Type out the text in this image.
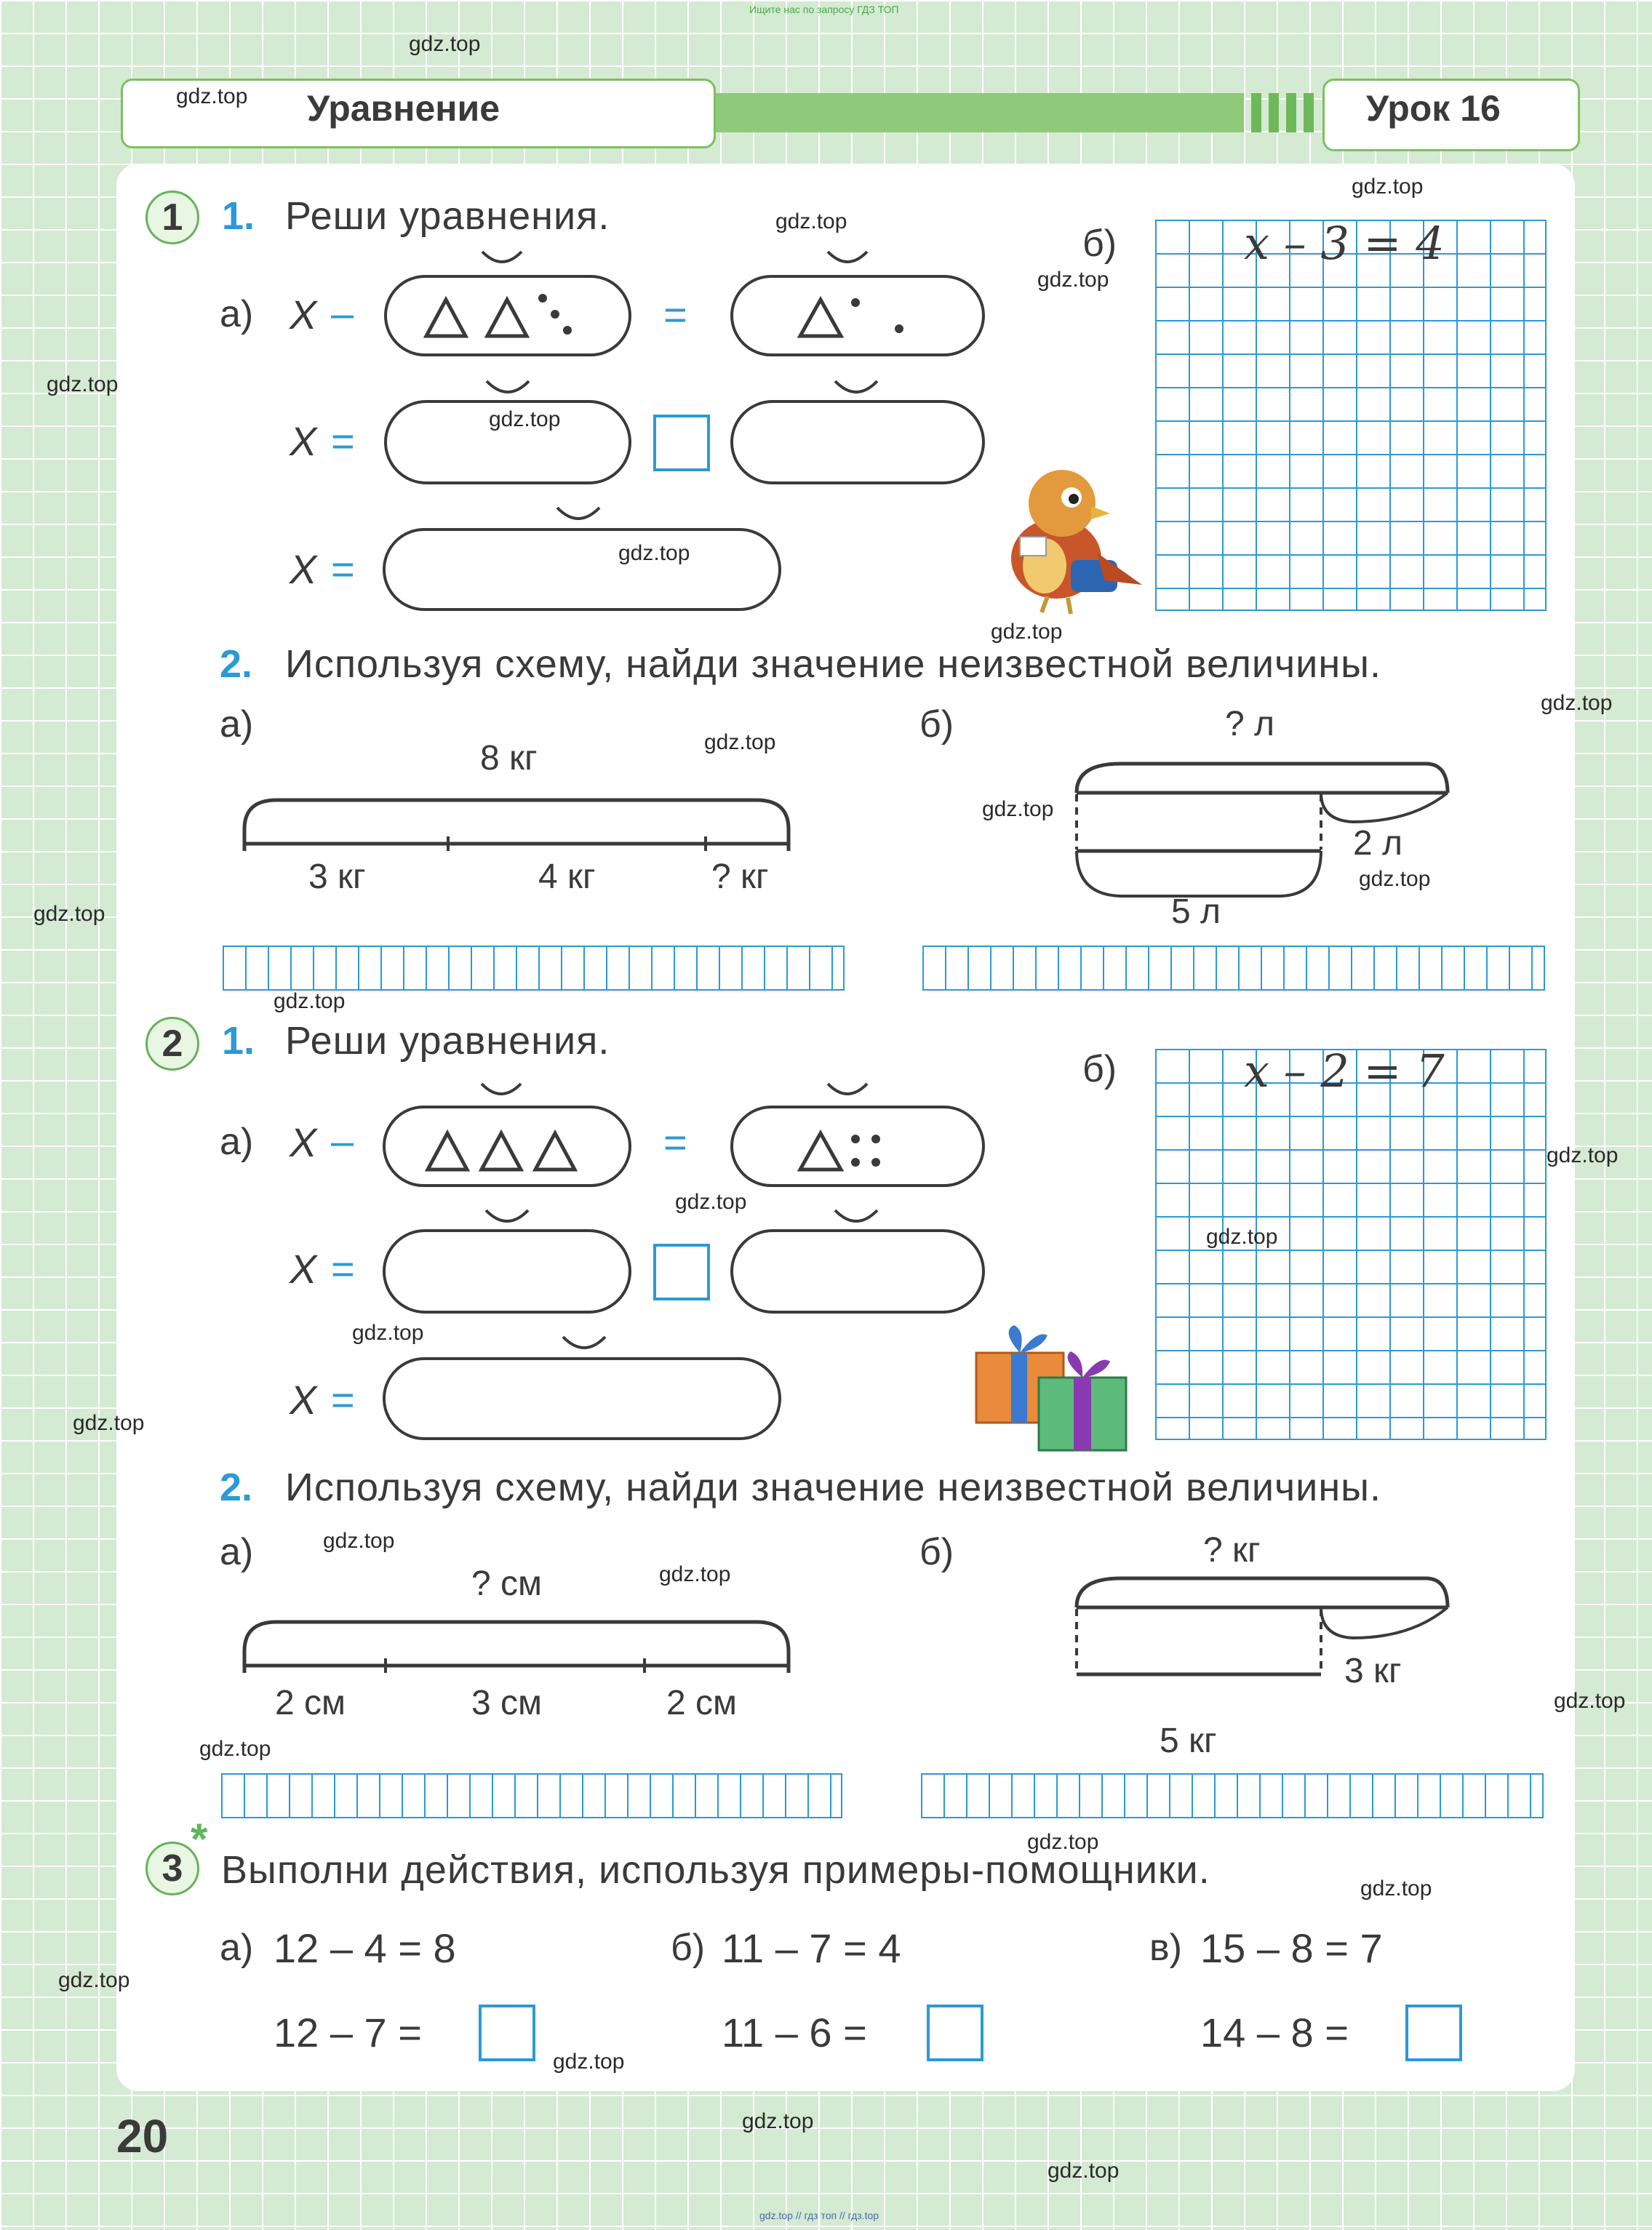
Ищите нас по запросу ГДЗ ТОП
Уравнение	Урок 16
1 1. Реши уравнения.
а) X –	=
X =
X =
б)	x – 3 = 4
2. Используя схему, найди значение неизвестной величины.
а)	б)
8 кг
3 кг	4 кг	? кг
? л
2 л
5 л
2 1. Реши уравнения.
а) X –	=
X =
X =
б)	x – 2 = 7
2. Используя схему, найди значение неизвестной величины.
а)	б)
? см
2 см	3 см	2 см
? кг
3 кг
5 кг
3
*
Выполни действия, используя примеры-помощники.
а) 12 – 4 = 8
12 – 7 =
б) 11 – 7 = 4
11 – 6 =
в) 15 – 8 = 7
14 – 8 =
20
gdz.top
gdz.top
gdz.top
gdz.top
gdz.top
gdz.top
gdz.top
gdz.top
gdz.top
gdz.top
gdz.top
gdz.top
gdz.top
gdz.top
gdz.top
gdz.top
gdz.top
gdz.top
gdz.top
gdz.top
gdz.top
gdz.top
gdz.top
gdz.top
gdz.top
gdz.top
gdz.top
gdz.top
gdz.top
gdz.top
gdz.top // гдз топ // гдз.top
